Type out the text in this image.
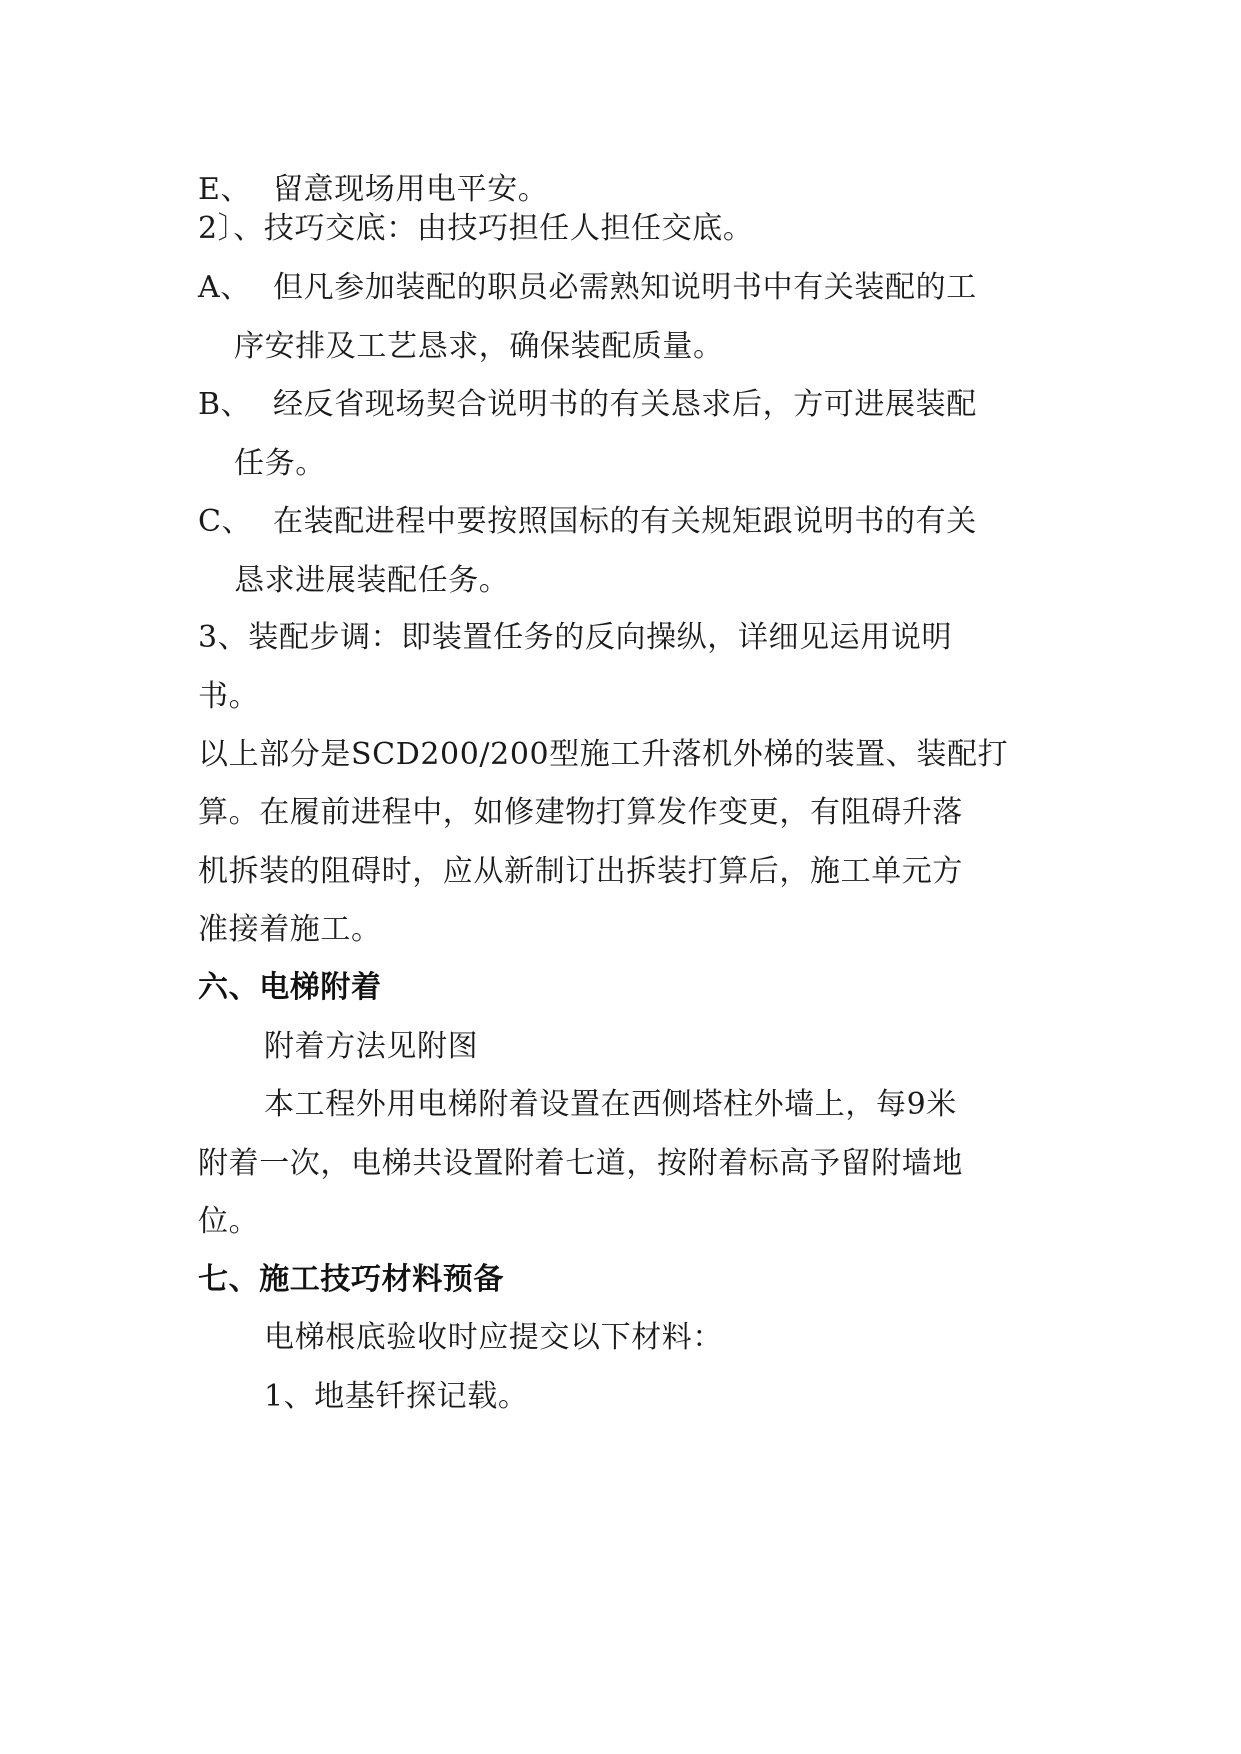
E、 留意现场用电平安。

2〕、技巧交底：由技巧担任人担任交底。

A、 但凡参加装配的职员必需熟知说明书中有关装配的工

序安排及工艺恳求，确保装配质量。

B、 经反省现场契合说明书的有关恳求后，方可进展装配

任务。

C、 在装配进程中要按照国标的有关规矩跟说明书的有关

恳求进展装配任务。

3、装配步调：即装置任务的反向操纵，详细见运用说明

书。

以上部分是SCD200/200型施工升落机外梯的装置、装配打

算。在履前进程中，如修建物打算发作变更，有阻碍升落

机拆装的阻碍时，应从新制订出拆装打算后，施工单元方

准接着施工。

六、电梯附着

附着方法见附图

本工程外用电梯附着设置在西侧塔柱外墙上，每9米

附着一次，电梯共设置附着七道，按附着标高予留附墙地

位。

七、施工技巧材料预备

电梯根底验收时应提交以下材料：

1、地基钎探记载。
